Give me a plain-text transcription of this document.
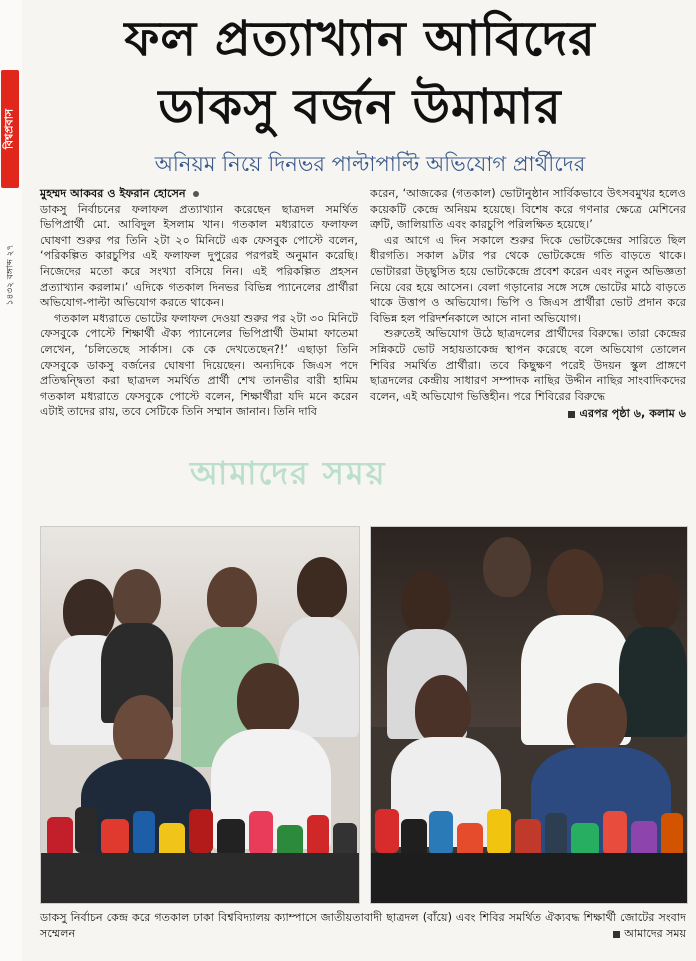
বিশ্বপ্রবাস
১৪৩২ বঙ্গাব্দ ২৭
ফল প্রত্যাখ্যান আবিদের
ডাকসু বর্জন উমামার
অনিয়ম নিয়ে দিনভর পাল্টাপাল্টি অভিযোগ প্রার্থীদের

মুহম্মদ আকবর ও ইফরান হোসেন

ডাকসু নির্বাচনের ফলাফল প্রত্যাখ্যান করেছেন ছাত্রদল সমর্থিত ভিপিপ্রার্থী মো. আবিদুল ইসলাম খান। গতকাল মধ্যরাতে ফলাফল ঘোষণা শুরুর পর তিনি ২টা ২০ মিনিটে এক ফেসবুক পোস্টে বলেন, ‘পরিকল্পিত কারচুপির এই ফলাফল দুপুরের পরপরই অনুমান করেছি। নিজেদের মতো করে সংখ্যা বসিয়ে নিন। এই পরিকল্পিত প্রহসন প্রত্যাখ্যান করলাম।’ এদিকে গতকাল দিনভর বিভিন্ন প্যানেলের প্রার্থীরা অভিযোগ-পাল্টা অভিযোগ করতে থাকেন।

গতকাল মধ্যরাতে ভোটের ফলাফল দেওয়া শুরুর পর ২টা ৩০ মিনিটে ফেসবুকে পোস্টে শিক্ষার্থী ঐক্য প্যানেলের ভিপিপ্রার্থী উমামা ফাতেমা লেখেন, ‘চলিতেছে সার্কাস। কে কে দেখতেছেন?!’ এছাড়া তিনি ফেসবুকে ডাকসু বর্জনের ঘোষণা দিয়েছেন। অন্যদিকে জিএস পদে প্রতিদ্বন্দ্বিতা করা ছাত্রদল সমর্থিত প্রার্থী শেখ তানভীর বারী হামিম গতকাল মধ্যরাতে ফেসবুকে পোস্টে বলেন, শিক্ষার্থীরা যদি মনে করেন এটাই তাদের রায়, তবে সেটিকে তিনি সম্মান জানান। তিনি দাবি

করেন, ‘আজকের (গতকাল) ভোটানুষ্ঠান সার্বিকভাবে উৎসবমুখর হলেও কয়েকটি কেন্দ্রে অনিয়ম হয়েছে। বিশেষ করে গণনার ক্ষেত্রে মেশিনের ত্রুটি, জালিয়াতি এবং কারচুপি পরিলক্ষিত হয়েছে।’

এর আগে এ দিন সকালে শুরুর দিকে ভোটকেন্দ্রের সারিতে ছিল ধীরগতি। সকাল ৯টার পর থেকে ভোটকেন্দ্রে গতি বাড়তে থাকে। ভোটাররা উচ্ছ্বসিত হয়ে ভোটকেন্দ্রে প্রবেশ করেন এবং নতুন অভিজ্ঞতা নিয়ে বের হয়ে আসেন। বেলা গড়ানোর সঙ্গে সঙ্গে ভোটের মাঠে বাড়তে থাকে উত্তাপ ও অভিযোগ। ভিপি ও জিএস প্রার্থীরা ভোট প্রদান করে বিভিন্ন হল পরিদর্শনকালে আসে নানা অভিযোগ।

শুরুতেই অভিযোগ উঠে ছাত্রদলের প্রার্থীদের বিরুদ্ধে। তারা কেন্দ্রের সন্নিকটে ভোট সহায়তাকেন্দ্র স্থাপন করেছে বলে অভিযোগ তোলেন শিবির সমর্থিত প্রার্থীরা। তবে কিছুক্ষণ পরেই উদয়ন স্কুল প্রাঙ্গণে ছাত্রদলের কেন্দ্রীয় সাধারণ সম্পাদক নাছির উদ্দীন নাছির সাংবাদিকদের বলেন, এই অভিযোগ ভিত্তিহীন। পরে শিবিরের বিরুদ্ধে

এরপর পৃষ্ঠা ৬, কলাম ৬
আমাদের সময়
ডাকসু নির্বাচন কেন্দ্র করে গতকাল ঢাকা বিশ্ববিদ্যালয় ক্যাম্পাসে জাতীয়তাবাদী ছাত্রদল (বাঁয়ে) এবং শিবির সমর্থিত ঐক্যবদ্ধ শিক্ষার্থী জোটের সংবাদ সম্মেলন	আমাদের সময়
